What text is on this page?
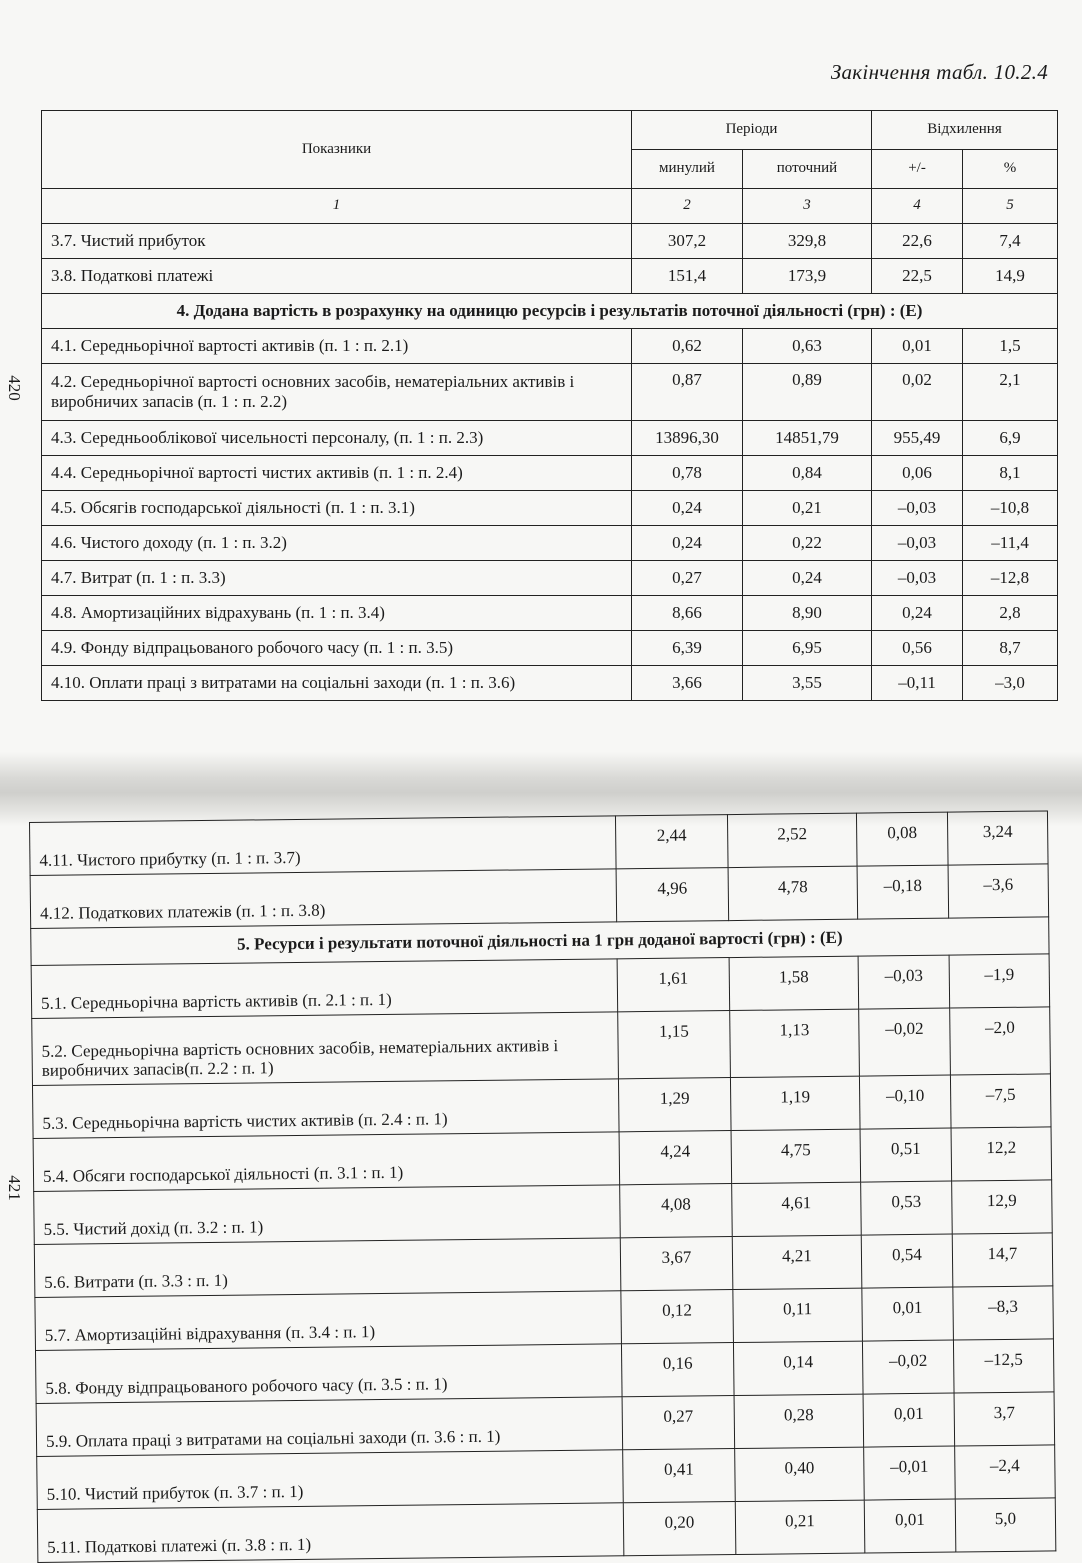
Закінчення табл. 10.2.4
420
Показники	Періоди		Відхилення	
	минулий	поточний	+/-	%
1	2	3	4	5
3.7. Чистий прибуток	307,2	329,8	22,6	7,4
3.8. Податкові платежі	151,4	173,9	22,5	14,9
4. Додана вартість в розрахунку на одиницю ресурсів і результатів поточної діяльності (грн) : (Е)				
4.1. Середньорічної вартості активів (п. 1 : п. 2.1)	0,62	0,63	0,01	1,5
4.2. Середньорічної вартості основних засобів, нематеріальних активів і виробничих запасів (п. 1 : п. 2.2)	0,87	0,89	0,02	2,1
4.3. Середньооблікової чисельності персоналу, (п. 1 : п. 2.3)	13896,30	14851,79	955,49	6,9
4.4. Середньорічної вартості чистих активів (п. 1 : п. 2.4)	0,78	0,84	0,06	8,1
4.5. Обсягів господарської діяльності (п. 1 : п. 3.1)	0,24	0,21	–0,03	–10,8
4.6. Чистого доходу (п. 1 : п. 3.2)	0,24	0,22	–0,03	–11,4
4.7. Витрат (п. 1 : п. 3.3)	0,27	0,24	–0,03	–12,8
4.8. Амортизаційних відрахувань (п. 1 : п. 3.4)	8,66	8,90	0,24	2,8
4.9. Фонду відпрацьованого робочого часу (п. 1 : п. 3.5)	6,39	6,95	0,56	8,7
4.10. Оплати праці з витратами на соціальні заходи (п. 1 : п. 3.6)	3,66	3,55	–0,11	–3,0
421
4.11. Чистого прибутку (п. 1 : п. 3.7)	2,44	2,52	0,08	3,24
4.12. Податкових платежів (п. 1 : п. 3.8)	4,96	4,78	–0,18	–3,6
5. Ресурси і результати поточної діяльності на 1 грн доданої вартості (грн) : (Е)				
5.1. Середньорічна вартість активів (п. 2.1 : п. 1)	1,61	1,58	–0,03	–1,9
5.2. Середньорічна вартість основних засобів, нематеріальних активів і виробничих запасів(п. 2.2 : п. 1)	1,15	1,13	–0,02	–2,0
5.3. Середньорічна вартість чистих активів (п. 2.4 : п. 1)	1,29	1,19	–0,10	–7,5
5.4. Обсяги господарської діяльності (п. 3.1 : п. 1)	4,24	4,75	0,51	12,2
5.5. Чистий дохід (п. 3.2 : п. 1)	4,08	4,61	0,53	12,9
5.6. Витрати (п. 3.3 : п. 1)	3,67	4,21	0,54	14,7
5.7. Амортизаційні відрахування (п. 3.4 : п. 1)	0,12	0,11	0,01	–8,3
5.8. Фонду відпрацьованого робочого часу (п. 3.5 : п. 1)	0,16	0,14	–0,02	–12,5
5.9. Оплата праці з витратами на соціальні заходи (п. 3.6 : п. 1)	0,27	0,28	0,01	3,7
5.10. Чистий прибуток (п. 3.7 : п. 1)	0,41	0,40	–0,01	–2,4
5.11. Податкові платежі (п. 3.8 : п. 1)	0,20	0,21	0,01	5,0
